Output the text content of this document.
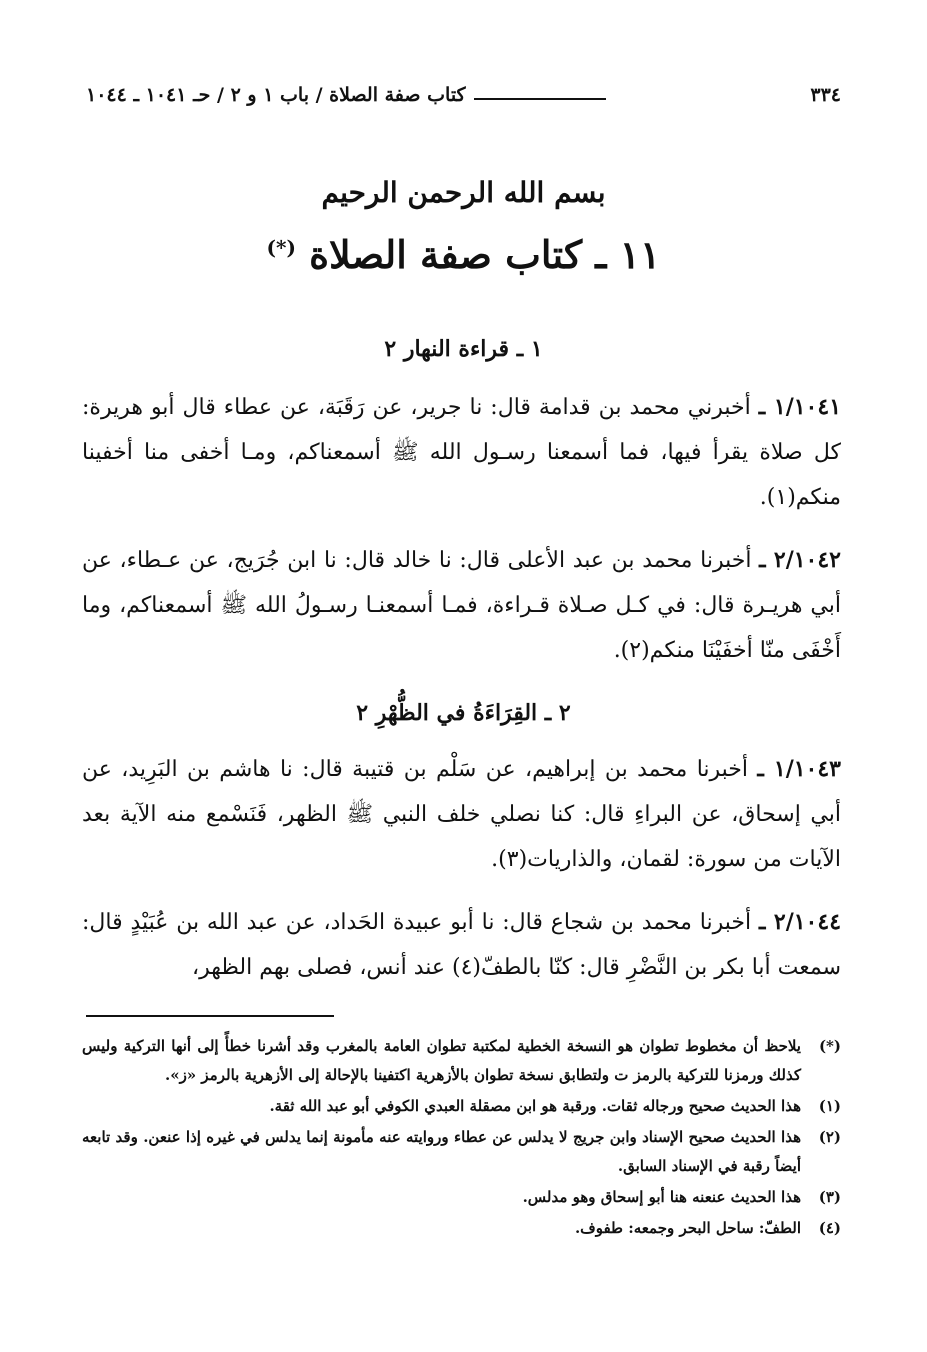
٣٣٤
كتاب صفة الصلاة / باب ١ و ٢ / حـ ١٠٤١ ـ ١٠٤٤
بسم الله الرحمن الرحيم
١١ ـ كتاب صفة الصلاة (*)
١ ـ قراءة النهار ٢

١/١٠٤١ ـ أخبرني محمد بن قدامة قال: نا جرير، عن رَقَبَة، عن عطاء قال أبو هريرة: كل صلاة يقرأ فيها، فما أسمعنا رسـول الله ﷺ أسمعناكم، ومـا أخفى منا أخفينا منكم(١).

٢/١٠٤٢ ـ أخبرنا محمد بن عبد الأعلى قال: نا خالد قال: نا ابن جُرَيج، عن عـطاء، عن أبي هريـرة قال: في كـل صـلاة قـراءة، فمـا أسمعنـا رسـولُ الله ﷺ أسمعناكم، وما أَخْفَى منّا أخفَيْنَا منكم(٢).

٢ ـ القِرَاءَةُ في الظُّهْرِ ٢

١/١٠٤٣ ـ أخبرنا محمد بن إبراهيم، عن سَلْم بن قتيبة قال: نا هاشم بن البَرِيد، عن أبي إسحاق، عن البراءِ قال: كنا نصلي خلف النبي ﷺ الظهر، فَنَسْمع منه الآية بعد الآيات من سورة: لقمان، والذاريات(٣).

٢/١٠٤٤ ـ أخبرنا محمد بن شجاع قال: نا أبو عبيدة الحَداد، عن عبد الله بن عُبَيْدٍ قال: سمعت أبا بكر بن النَّضْرِ قال: كنّا بالطفّ(٤) عند أنس، فصلى بهم الظهر،

(*)
يلاحظ أن مخطوط تطوان هو النسخة الخطية لمكتبة تطوان العامة بالمغرب وقد أشرنا خطأً إلى أنها التركية وليس كذلك ورمزنا للتركية بالرمز ت ولتطابق نسخة تطوان بالأزهرية اكتفينا بالإحالة إلى الأزهرية بالرمز «ز».
(١)
هذا الحديث صحيح ورجاله ثقات. ورقبة هو ابن مصقلة العبدي الكوفي أبو عبد الله ثقة.
(٢)
هذا الحديث صحيح الإسناد وابن جريج لا يدلس عن عطاء وروايته عنه مأمونة إنما يدلس في غيره إذا عنعن. وقد تابعه أيضاً رقبة في الإسناد السابق.
(٣)
هذا الحديث عنعنه هنا أبو إسحاق وهو مدلس.
(٤)
الطفّ: ساحل البحر وجمعه: طفوف.
